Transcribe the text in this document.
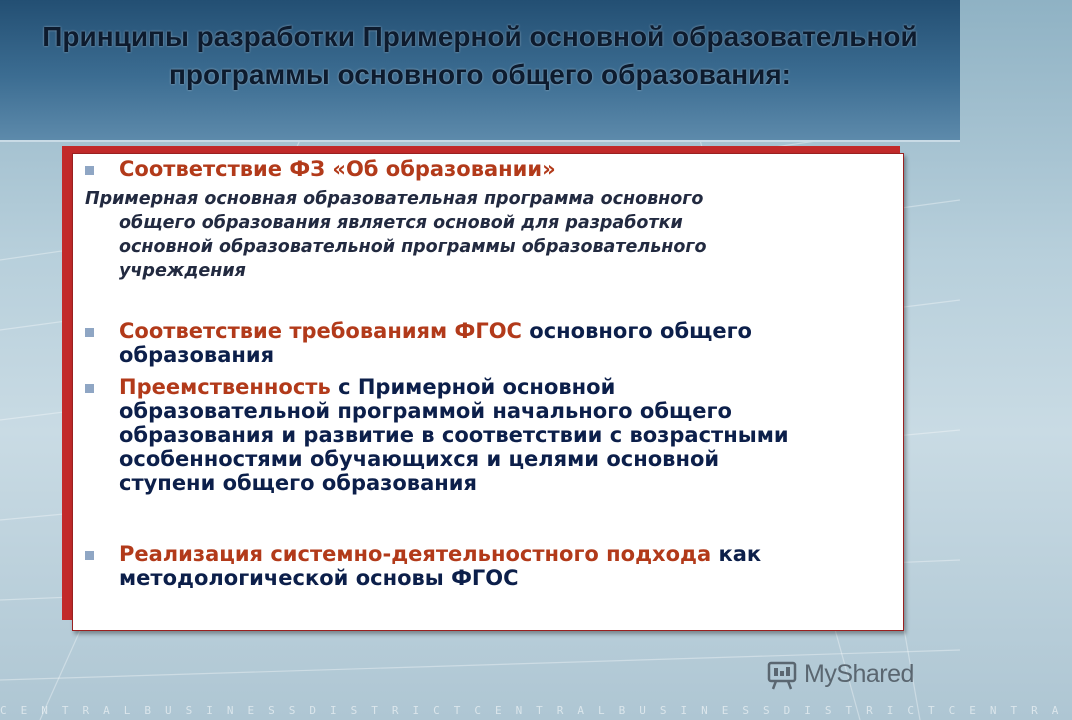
Принципы разработки Примерной основной образовательной программы основного общего образования:
Соответствие ФЗ «Об образовании»
Примерная основная образовательная программа основного
общего образования является основой для разработки
основной образовательной программы образовательного
учреждения
Соответствие требованиям ФГОС основного общего
образования
Преемственность с Примерной основной
образовательной программой начального общего
образования и развитие в соответствии с возрастными
особенностями обучающихся и целями основной
ступени общего образования
Реализация системно-деятельностного подхода как
методологической основы ФГОС
MyShared
CENTRALBUSINESSDISTRICTCENTRALBUSINESSDISTRICTCENTRA
